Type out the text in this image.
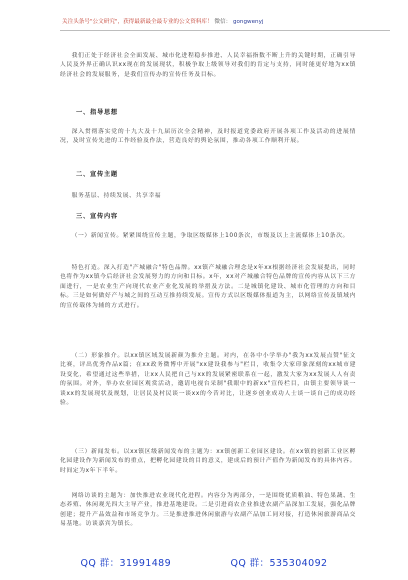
关注头条号"公文研究"，获得最新最全最专业的公文资料库！ 微信： gongwenyj

我们正处于经济社会全面发展、城市化进程稳步推进、人民幸福指数不断上升的关键时期，正确引导人民及外界正确认识xx现在的发展现状，积极争取上级领导对我们的肯定与支持，同时能更好地为xx镇经济社会的发展服务，是我们宣传办的宣传任务及目标。

一、指导思想

深入贯彻落实党的十九大及十九届历次全会精神，及时报道党委政府开展各项工作及活动的进展情况，及时宣传先进的工作经验及作法，营造良好的舆论氛围，推动各项工作顺利开展。

二、宣传主题

服务基层、持续发展、共享幸福

三、宣传内容

（一）新闻宣传。紧紧围绕宣传主题，争取区级媒体上100条次，市级及以上主流媒体上10条次。

特色打造。深入打造"产城融合"特色品牌。xx镇产城融合理念是x年xx根据经济社会发展提出，同时也将作为xx镇今后经济社会发展努力的方向和目标。x年，xx对产城融合特色品牌的宣传内容从以下三方面进行，一是农业生产向现代农业产业化发展的举措及方法。二是城镇化建设、城市化管理的方向和目标。三是如何做好产与城之间的互动互推持续发展。宣传方式以区级媒体报道为主，以网络宣传及镇域内的宣传载体为辅的方式进行。

（二）形象推介。以xx镇区域发展新颜为推介主题。对内，在各中小学举办"我为xx发展点赞"征文比赛，评出优秀作品x篇；在xx政务微博中开展"xx建设我参与"栏目，收集令大家印象深刻的xx城市建设变化，希望通过这些举措，让xx人民把自己与xx的发展紧密联系在一起，激发大家为xx发展人人有责的氛围。对外，举办农业园区观赏活动，邀请电视台采制"我眼中的新xx"宣传栏目，由镇主要领导谈一谈xx的发展现状及规划，让居民及村民谈一谈xx的今昔对比，让逐乡创业成功人士谈一谈自己的成功经验。

（三）新闻发布。以xx镇区级新闻发布的主题为：xx镇创新工业园区建设。在xx镇的创新工业区孵化园建设作为新闻发布的重点，把孵化园建设的目的意义，建成后的预计产值作为新闻发布的具体内容。时间定为x年下半年。

网络访谈的主题为：加快推进农业现代化进程。内容分为两部分，一是围绕优质粮油、特色果蔬、生态养殖、休闲观光四大主导产业，推进基地建设。二是引进商农企业推进农副产品深加工发展，强化品牌创建；提升产品效益和市场竞争力。三是推进推进休闲旅游与农副产品加工同对接，打造休闲旅游商品交易基地。访谈嘉宾为镇长。

QQ 群：31991489	QQ 群：535304092
